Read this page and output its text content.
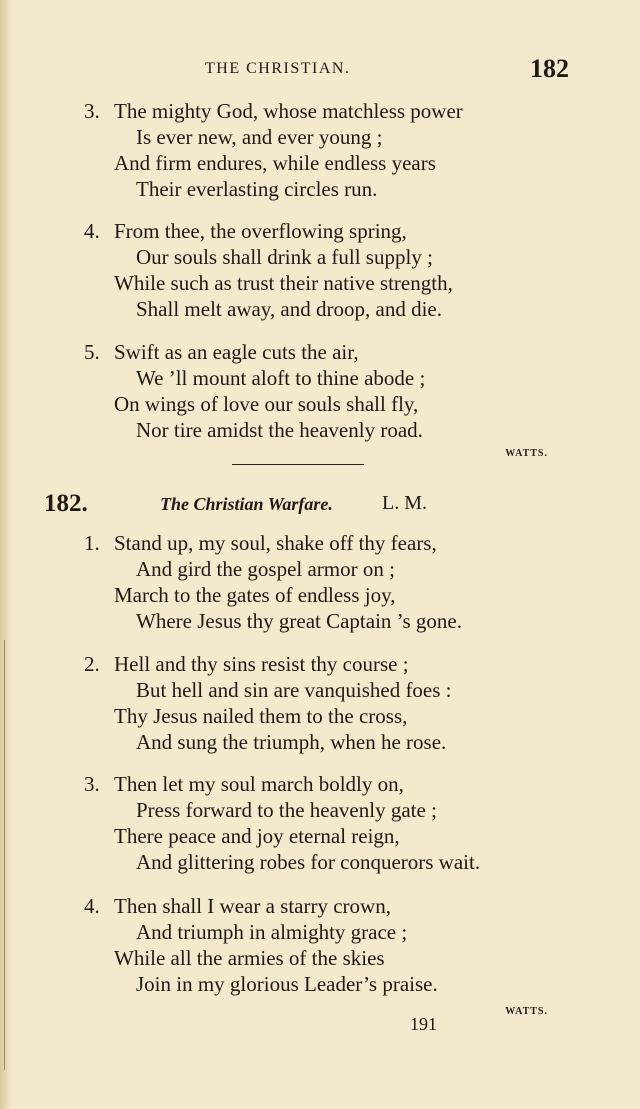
THE CHRISTIAN.	182
3. The mighty God, whose matchless power
Is ever new, and ever young ;
And firm endures, while endless years
Their everlasting circles run.
4. From thee, the overflowing spring,
Our souls shall drink a full supply ;
While such as trust their native strength,
Shall melt away, and droop, and die.
5. Swift as an eagle cuts the air,
We ’ll mount aloft to thine abode ;
On wings of love our souls shall fly,
Nor tire amidst the heavenly road.
WATTS.
182.	The Christian Warfare. L. M.
1. Stand up, my soul, shake off thy fears,
And gird the gospel armor on ;
March to the gates of endless joy,
Where Jesus thy great Captain ’s gone.
2. Hell and thy sins resist thy course ;
But hell and sin are vanquished foes :
Thy Jesus nailed them to the cross,
And sung the triumph, when he rose.
3. Then let my soul march boldly on,
Press forward to the heavenly gate ;
There peace and joy eternal reign,
And glittering robes for conquerors wait.
4. Then shall I wear a starry crown,
And triumph in almighty grace ;
While all the armies of the skies
Join in my glorious Leader’s praise.
WATTS.
191
